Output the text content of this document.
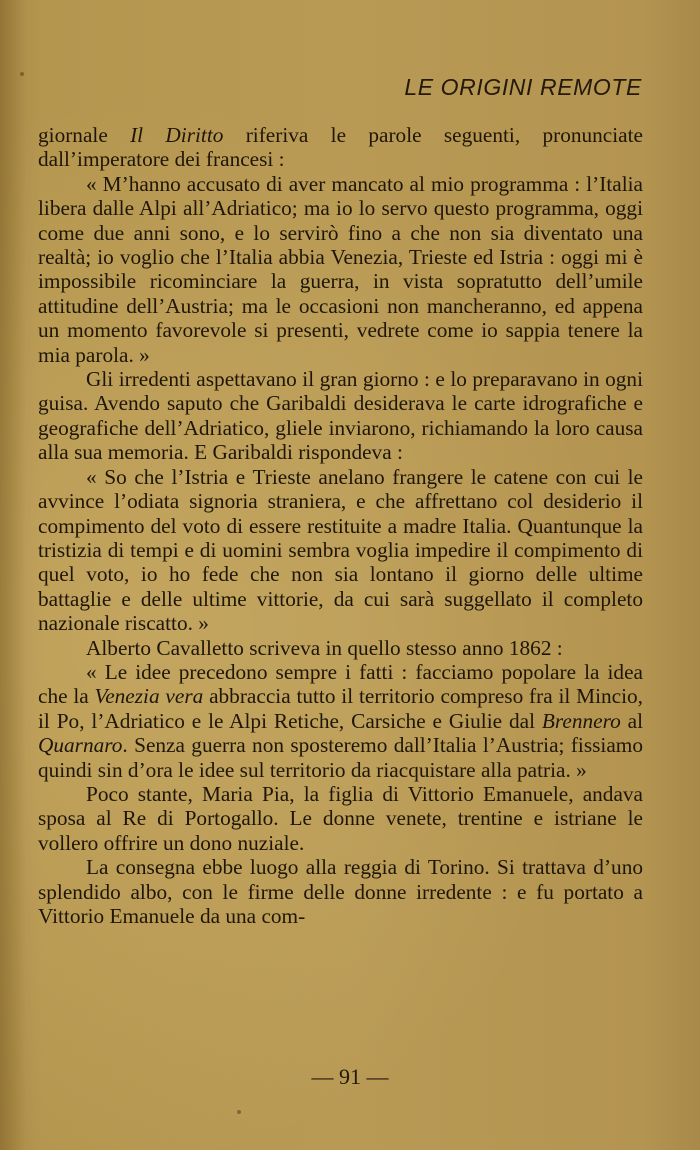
LE ORIGINI REMOTE

giornale Il Diritto riferiva le parole seguenti, pronunciate dall’imperatore dei francesi :

« M’hanno accusato di aver mancato al mio programma : l’Italia libera dalle Alpi all’Adriatico; ma io lo servo questo programma, oggi come due anni sono, e lo servirò fino a che non sia diventato una realtà; io voglio che l’Italia abbia Venezia, Trieste ed Istria : oggi mi è impossibile ricominciare la guerra, in vista sopratutto dell’umile attitudine dell’Austria; ma le occasioni non mancheranno, ed appena un momento favorevole si presenti, vedrete come io sappia tenere la mia parola. »

Gli irredenti aspettavano il gran giorno : e lo preparavano in ogni guisa. Avendo saputo che Garibaldi desiderava le carte idrografiche e geografiche dell’Adriatico, gliele inviarono, richiamando la loro causa alla sua memoria. E Garibaldi rispondeva :

« So che l’Istria e Trieste anelano frangere le catene con cui le avvince l’odiata signoria straniera, e che affrettano col desiderio il compimento del voto di essere restituite a madre Italia. Quantunque la tristizia di tempi e di uomini sembra voglia impedire il compimento di quel voto, io ho fede che non sia lontano il giorno delle ultime battaglie e delle ultime vittorie, da cui sarà suggellato il completo nazionale riscatto. »

Alberto Cavalletto scriveva in quello stesso anno 1862 :

« Le idee precedono sempre i fatti : facciamo popolare la idea che la Venezia vera abbraccia tutto il territorio compreso fra il Mincio, il Po, l’Adriatico e le Alpi Retiche, Carsiche e Giulie dal Brennero al Quarnaro. Senza guerra non sposteremo dall’Italia l’Austria; fissiamo quindi sin d’ora le idee sul territorio da riacquistare alla patria. »

Poco stante, Maria Pia, la figlia di Vittorio Emanuele, andava sposa al Re di Portogallo. Le donne venete, trentine e istriane le vollero offrire un dono nuziale.

La consegna ebbe luogo alla reggia di Torino. Si trattava d’uno splendido albo, con le firme delle donne irredente : e fu portato a Vittorio Emanuele da una com-

— 91 —
